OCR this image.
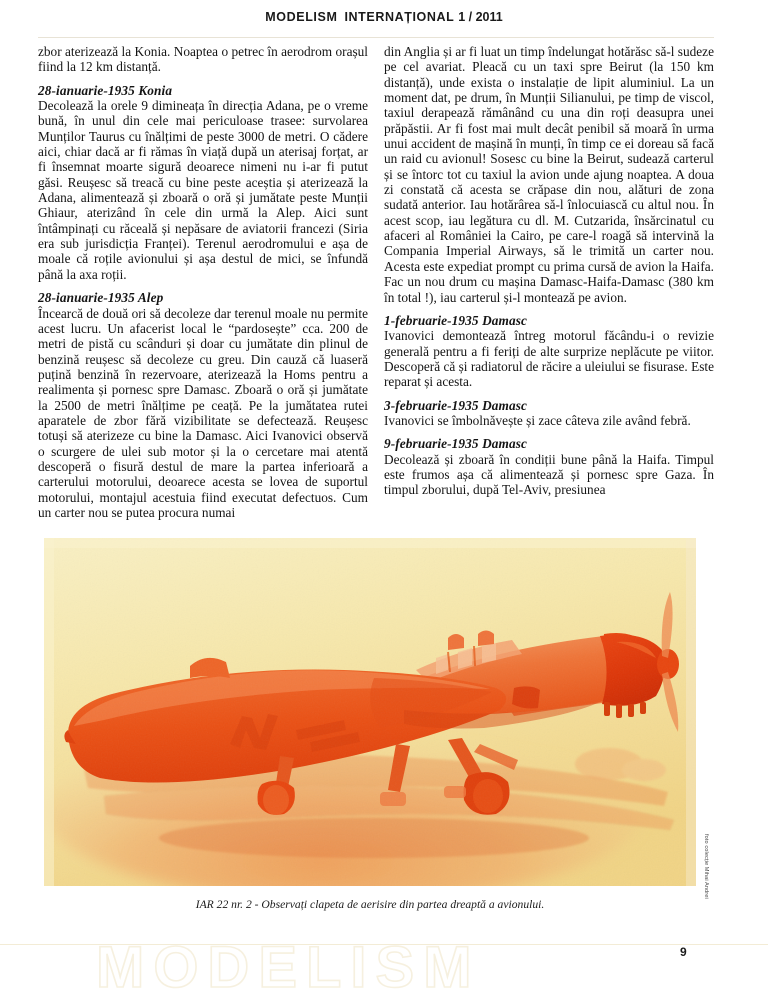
MODELISM INTERNAȚIONAL 1 / 2011

zbor aterizează la Konia. Noaptea o petrec în aerodrom orașul fiind la 12 km distanță.

28-ianuarie-1935 Konia

Decolează la orele 9 dimineața în direcția Adana, pe o vreme bună, în unul din cele mai periculoase trasee: survolarea Munților Taurus cu înălțimi de peste 3000 de metri. O cădere aici, chiar dacă ar fi rămas în viață după un aterisaj forțat, ar fi însemnat moarte sigură deoarece nimeni nu i-ar fi putut găsi. Reușesc să treacă cu bine peste aceștia și aterizează la Adana, alimentează și zboară o oră și jumătate peste Munții Ghiaur, aterizând în cele din urmă la Alep. Aici sunt întâmpinați cu răceală și nepăsare de aviatorii francezi (Siria era sub jurisdicția Franței). Terenul aerodromului e așa de moale că roțile avionului și așa destul de mici, se înfundă până la axa roții.

28-ianuarie-1935 Alep

Încearcă de două ori să decoleze dar terenul moale nu permite acest lucru. Un afacerist local le “pardosește” cca. 200 de metri de pistă cu scânduri și doar cu jumătate din plinul de benzină reușesc să decoleze cu greu. Din cauză că luaseră puțină benzină în rezervoare, aterizează la Homs pentru a realimenta și pornesc spre Damasc. Zboară o oră și jumătate la 2500 de metri înălțime pe ceață. Pe la jumătatea rutei aparatele de zbor fără vizibilitate se defectează. Reușesc totuși să aterizeze cu bine la Damasc. Aici Ivanovici observă o scurgere de ulei sub motor și la o cercetare mai atentă descoperă o fisură destul de mare la partea inferioară a carterului motorului, deoarece acesta se lovea de suportul motorului, montajul acestuia fiind executat defectuos. Cum un carter nou se putea procura numai

din Anglia și ar fi luat un timp îndelungat hotărăsc să-l sudeze pe cel avariat. Pleacă cu un taxi spre Beirut (la 150 km distanță), unde exista o instalație de lipit aluminiul. La un moment dat, pe drum, în Munții Silianului, pe timp de viscol, taxiul derapează rămânând cu una din roți deasupra unei prăpăstii. Ar fi fost mai mult decât penibil să moară în urma unui accident de mașină în munți, în timp ce ei doreau să facă un raid cu avionul! Sosesc cu bine la Beirut, sudează carterul și se întorc tot cu taxiul la avion unde ajung noaptea. A doua zi constată că acesta se crăpase din nou, alături de zona sudată anterior. Iau hotărârea să-l înlocuiască cu altul nou. În acest scop, iau legătura cu dl. M. Cutzarida, însărcinatul cu afaceri al României la Cairo, pe care-l roagă să intervină la Compania Imperial Airways, să le trimită un carter nou. Acesta este expediat prompt cu prima cursă de avion la Haifa. Fac un nou drum cu mașina Damasc-Haifa-Damasc (380 km în total !), iau carterul și-l montează pe avion.

1-februarie-1935 Damasc

Ivanovici demontează întreg motorul făcându-i o revizie generală pentru a fi feriți de alte surprize neplăcute pe viitor. Descoperă că și radiatorul de răcire a uleiului se fisurase. Este reparat și acesta.

3-februarie-1935 Damasc

Ivanovici se îmbolnăvește și zace câteva zile având febră.

9-februarie-1935 Damasc

Decolează și zboară în condiții bune până la Haifa. Timpul este frumos așa că alimentează și pornesc spre Gaza. În timpul zborului, după Tel-Aviv, presiunea

foto colecție Mihai Andrei
IAR 22 nr. 2 - Observați clapeta de aerisire din partea dreaptă a avionului.
MODELISM	9
